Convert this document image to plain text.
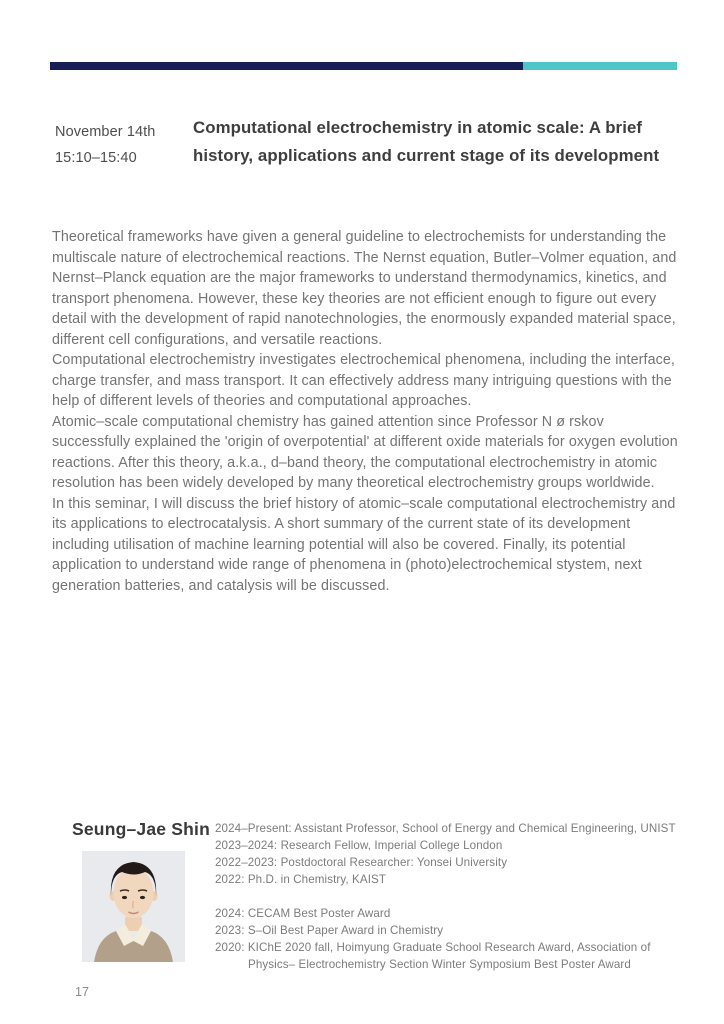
November 14th
15:10–15:40
Computational electrochemistry in atomic scale: A brief history, applications and current stage of its development

Theoretical frameworks have given a general guideline to electrochemists for understanding the multiscale nature of electrochemical reactions. The Nernst equation, Butler–Volmer equation, and Nernst–Planck equation are the major frameworks to understand thermodynamics, kinetics, and transport phenomena. However, these key theories are not efficient enough to figure out every detail with the development of rapid nanotechnologies, the enormously expanded material space, different cell configurations, and versatile reactions.

Computational electrochemistry investigates electrochemical phenomena, including the interface, charge transfer, and mass transport. It can effectively address many intriguing questions with the help of different levels of theories and computational approaches.

Atomic–scale computational chemistry has gained attention since Professor N ø rskov successfully explained the 'origin of overpotential' at different oxide materials for oxygen evolution reactions. After this theory, a.k.a., d–band theory, the computational electrochemistry in atomic resolution has been widely developed by many theoretical electrochemistry groups worldwide.

In this seminar, I will discuss the brief history of atomic–scale computational electrochemistry and its applications to electrocatalysis. A short summary of the current state of its development including utilisation of machine learning potential will also be covered. Finally, its potential application to understand wide range of phenomena in (photo)electrochemical stystem, next generation batteries, and catalysis will be discussed.

Seung–Jae Shin 2024–Present: Assistant Professor, School of Energy and Chemical Engineering, UNIST
2023–2024: Research Fellow, Imperial College London
2022–2023: Postdoctoral Researcher: Yonsei University
2022: Ph.D. in Chemistry, KAIST
2024: CECAM Best Poster Award
2023: S–Oil Best Paper Award in Chemistry
2020: KIChE 2020 fall, Hoimyung Graduate School Research Award, Association of Physics– Electrochemistry Section Winter Symposium Best Poster Award
17
